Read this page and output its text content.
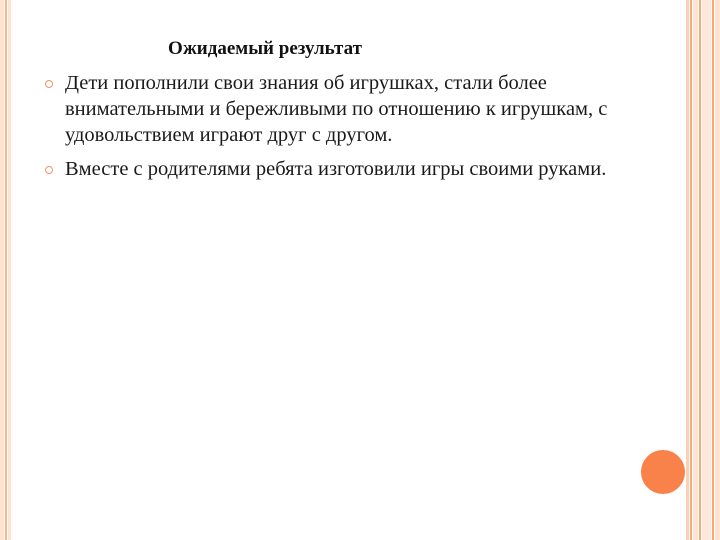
Ожидаемый результат
Дети пополнили свои знания об игрушках, стали более внимательными и бережливыми по отношению к игрушкам, с удовольствием играют друг с другом.
Вместе с родителями ребята изготовили игры своими руками.
